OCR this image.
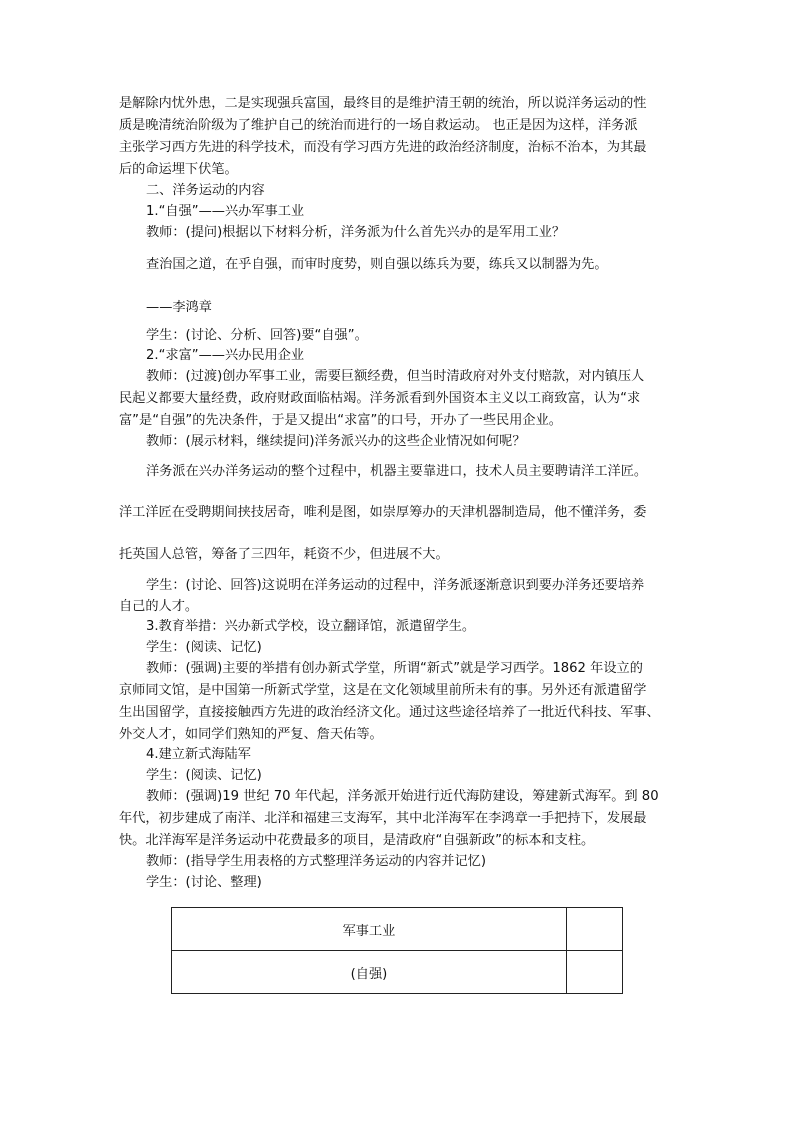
是解除内忧外患，二是实现强兵富国，最终目的是维护清王朝的统治，所以说洋务运动的性
质是晚清统治阶级为了维护自己的统治而进行的一场自救运动。 也正是因为这样，洋务派
主张学习西方先进的科学技术，而没有学习西方先进的政治经济制度，治标不治本，为其最
后的命运埋下伏笔。
二、洋务运动的内容
1.“自强”——兴办军事工业
教师：(提问)根据以下材料分析，洋务派为什么首先兴办的是军用工业？
查治国之道，在乎自强，而审时度势，则自强以练兵为要，练兵又以制器为先。
——李鸿章
学生：(讨论、分析、回答)要“自强”。
2.“求富”——兴办民用企业
教师：(过渡)创办军事工业，需要巨额经费，但当时清政府对外支付赔款，对内镇压人
民起义都要大量经费，政府财政面临枯竭。洋务派看到外国资本主义以工商致富，认为“求
富”是“自强”的先决条件，于是又提出“求富”的口号，开办了一些民用企业。
教师：(展示材料，继续提问)洋务派兴办的这些企业情况如何呢？
洋务派在兴办洋务运动的整个过程中，机器主要靠进口，技术人员主要聘请洋工洋匠。
洋工洋匠在受聘期间挟技居奇，唯利是图，如崇厚筹办的天津机器制造局，他不懂洋务，委
托英国人总管，筹备了三四年，耗资不少，但进展不大。
学生：(讨论、回答)这说明在洋务运动的过程中，洋务派逐渐意识到要办洋务还要培养
自己的人才。
3.教育举措：兴办新式学校，设立翻译馆，派遣留学生。
学生：(阅读、记忆)
教师：(强调)主要的举措有创办新式学堂，所谓“新式”就是学习西学。1862 年设立的
京师同文馆，是中国第一所新式学堂，这是在文化领域里前所未有的事。另外还有派遣留学
生出国留学，直接接触西方先进的政治经济文化。通过这些途径培养了一批近代科技、军事、
外交人才，如同学们熟知的严复、詹天佑等。
4.建立新式海陆军
学生：(阅读、记忆)
教师：(强调)19 世纪 70 年代起，洋务派开始进行近代海防建设，筹建新式海军。到 80
年代，初步建成了南洋、北洋和福建三支海军，其中北洋海军在李鸿章一手把持下，发展最
快。北洋海军是洋务运动中花费最多的项目，是清政府“自强新政”的标本和支柱。
教师：(指导学生用表格的方式整理洋务运动的内容并记忆)
学生：(讨论、整理)
军事工业	
(自强)	
